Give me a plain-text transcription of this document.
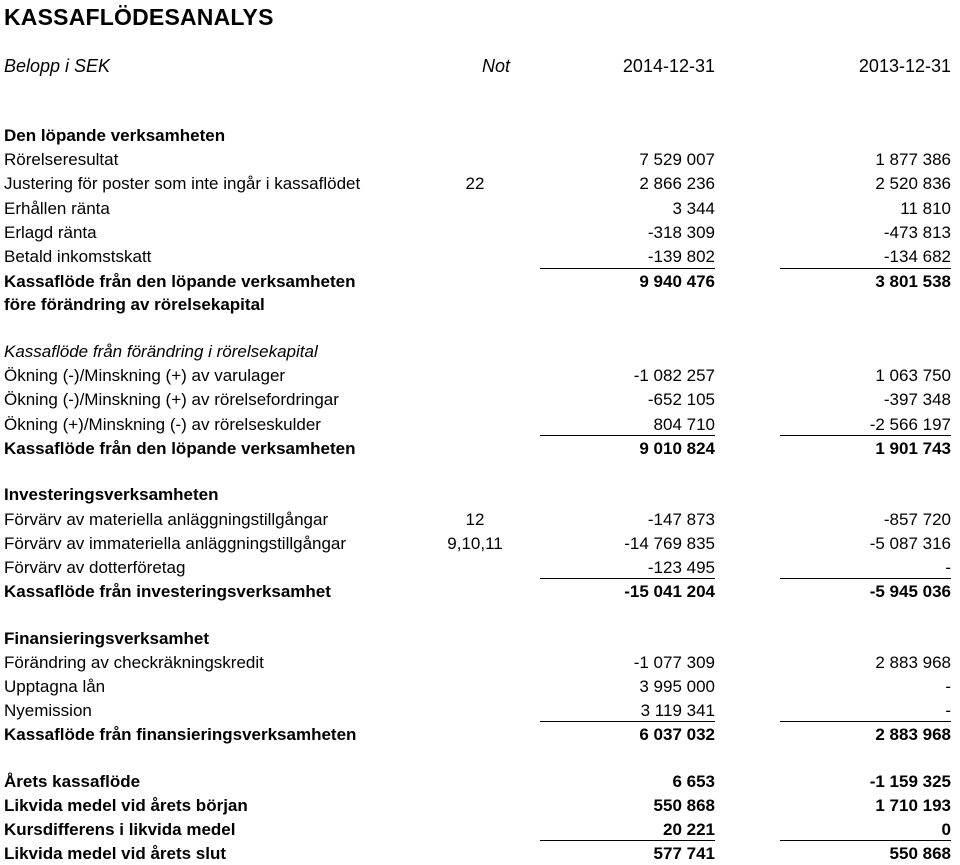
KASSAFLÖDESANALYS
Belopp i SEK	Not	2014-12-31	2013-12-31
Den löpande verksamheten
Rörelseresultat	7 529 007	1 877 386
Justering för poster som inte ingår i kassaflödet	22	2 866 236	2 520 836
Erhållen ränta	3 344	11 810
Erlagd ränta	-318 309	-473 813
Betald inkomstskatt	-139 802	-134 682
Kassaflöde från den löpande verksamheten	9 940 476	3 801 538
före förändring av rörelsekapital
Kassaflöde från förändring i rörelsekapital
Ökning (-)/Minskning (+) av varulager	-1 082 257	1 063 750
Ökning (-)/Minskning (+) av rörelsefordringar	-652 105	-397 348
Ökning (+)/Minskning (-) av rörelseskulder	804 710	-2 566 197
Kassaflöde från den löpande verksamheten	9 010 824	1 901 743
Investeringsverksamheten
Förvärv av materiella anläggningstillgångar	12	-147 873	-857 720
Förvärv av immateriella anläggningstillgångar	9,10,11	-14 769 835	-5 087 316
Förvärv av dotterföretag	-123 495	-
Kassaflöde från investeringsverksamhet	-15 041 204	-5 945 036
Finansieringsverksamhet
Förändring av checkräkningskredit	-1 077 309	2 883 968
Upptagna lån	3 995 000	-
Nyemission	3 119 341	-
Kassaflöde från finansieringsverksamheten	6 037 032	2 883 968
Årets kassaflöde	6 653	-1 159 325
Likvida medel vid årets början	550 868	1 710 193
Kursdifferens i likvida medel	20 221	0
Likvida medel vid årets slut	577 741	550 868
